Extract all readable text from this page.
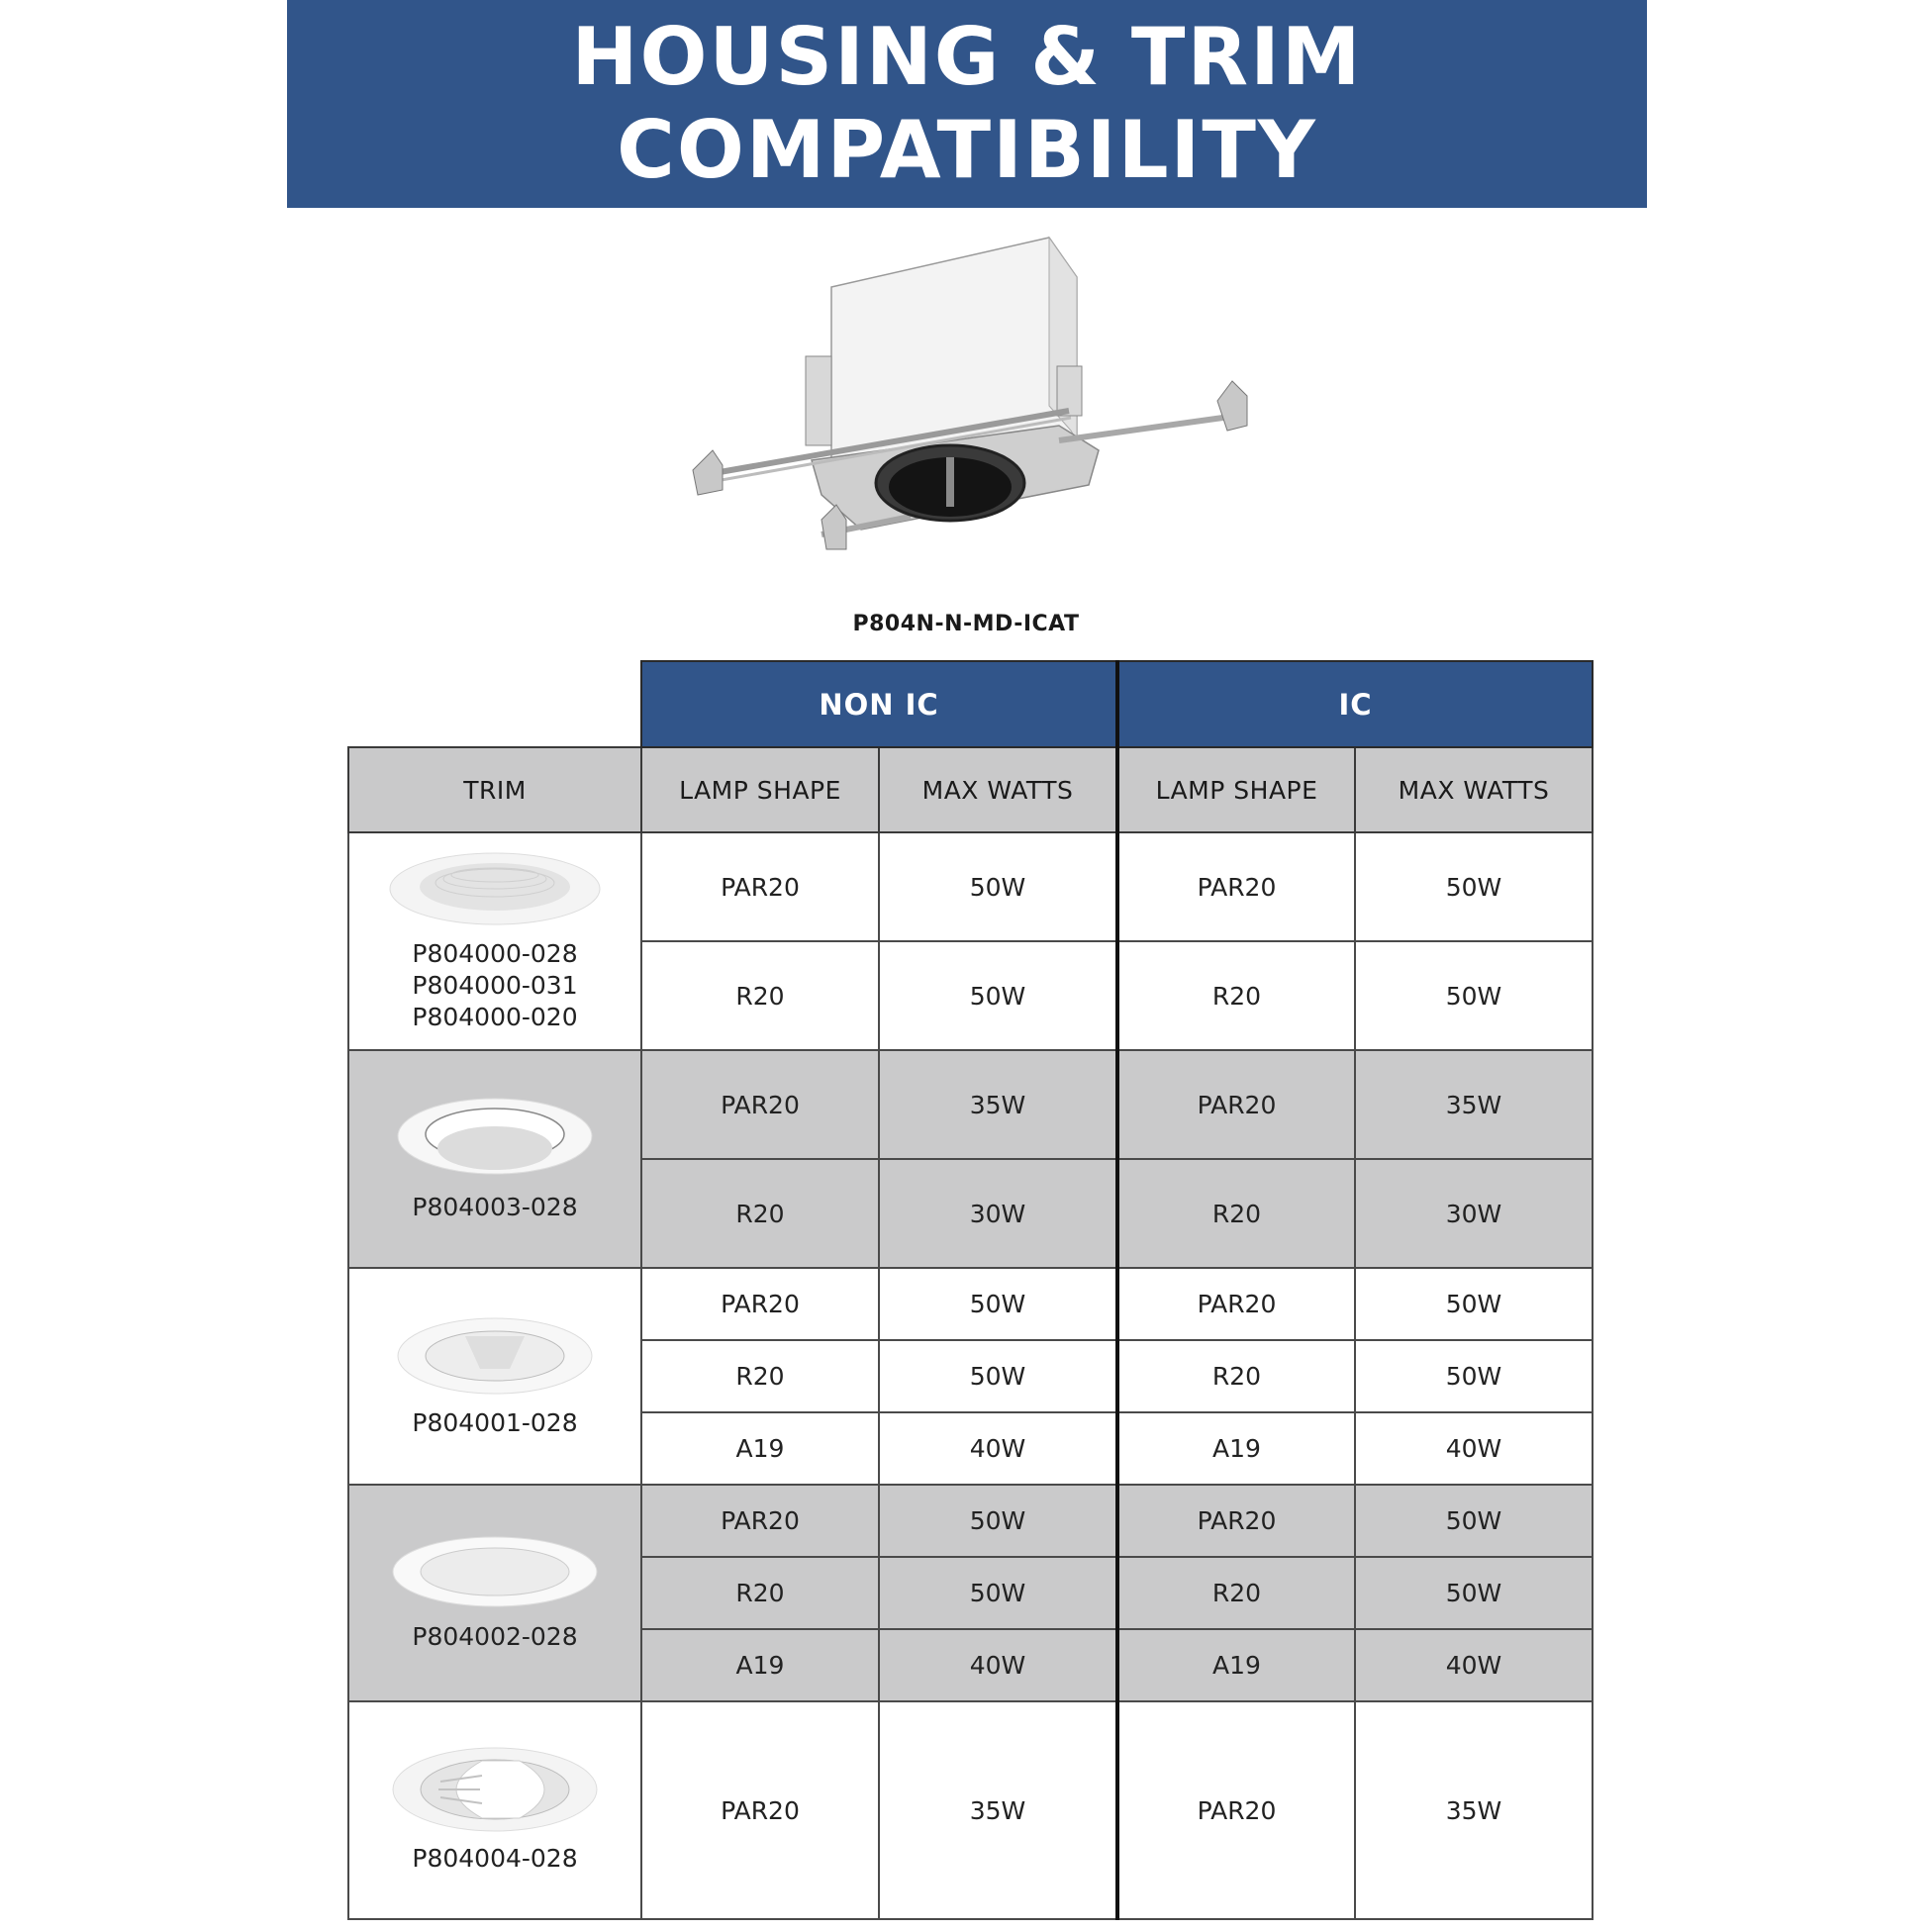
HOUSING & TRIM
COMPATIBILITY
P804N-N-MD-ICAT
	NON IC		IC	
TRIM	LAMP SHAPE	MAX WATTS	LAMP SHAPE	MAX WATTS

P804000-028
P804000-031
P804000-020	PAR20	50W	PAR20	50W
	R20	50W	R20	50W

P804003-028	PAR20	35W	PAR20	35W
	R20	30W	R20	30W

P804001-028	PAR20	50W	PAR20	50W
	R20	50W	R20	50W
	A19	40W	A19	40W

P804002-028	PAR20	50W	PAR20	50W
	R20	50W	R20	50W
	A19	40W	A19	40W

P804004-028	PAR20	35W	PAR20	35W
